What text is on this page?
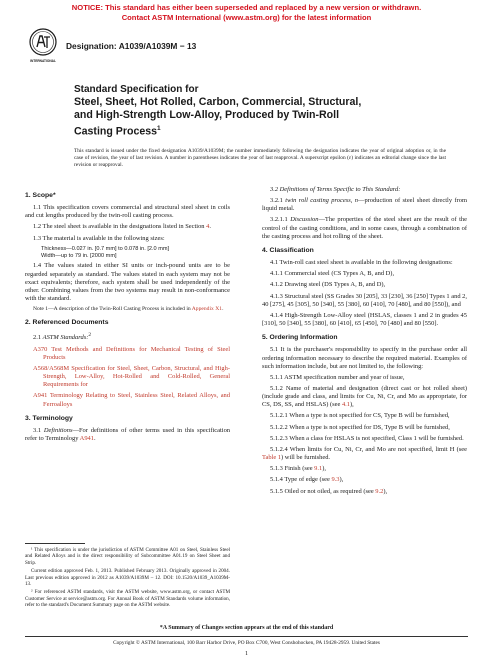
NOTICE: This standard has either been superseded and replaced by a new version or withdrawn.
Contact ASTM International (www.astm.org) for the latest information
INTERNATIONAL
Designation: A1039/A1039M − 13
Standard Specification for
Steel, Sheet, Hot Rolled, Carbon, Commercial, Structural,
and High-Strength Low-Alloy, Produced by Twin-Roll
Casting Process$^1$
This standard is issued under the fixed designation A1039/A1039M; the number immediately following the designation indicates the year of original adoption or, in the case of revision, the year of last revision. A number in parentheses indicates the year of last reapproval. A superscript epsilon (ε) indicates an editorial change since the last revision or reapproval.
1. Scope*

1.1 This specification covers commercial and structural steel sheet in coils and cut lengths produced by the twin-roll casting process.

1.2 The steel sheet is available in the designations listed in Section 4.

1.3 The material is available in the following sizes:

Thickness—0.027 in. [0.7 mm] to 0.078 in. [2.0 mm]
Width—up to 79 in. [2000 mm]

1.4 The values stated in either SI units or inch-pound units are to be regarded separately as standard. The values stated in each system may not be exact equivalents; therefore, each system shall be used independently of the other. Combining values from the two systems may result in non-conformance with the standard.

Note 1—A description of the Twin-Roll Casting Process is included in Appendix X1.

2. Referenced Documents

2.1 ASTM Standards:$^2$

A370 Test Methods and Definitions for Mechanical Testing of Steel Products

A568/A568M Specification for Steel, Sheet, Carbon, Structural, and High-Strength, Low-Alloy, Hot-Rolled and Cold-Rolled, General Requirements for

A941 Terminology Relating to Steel, Stainless Steel, Related Alloys, and Ferroalloys

3. Terminology

3.1 Definitions—For definitions of other terms used in this specification refer to Terminology A941.

¹ This specification is under the jurisdiction of ASTM Committee A01 on Steel, Stainless Steel and Related Alloys and is the direct responsibility of Subcommittee A01.19 on Steel Sheet and Strip.

Current edition approved Feb. 1, 2013. Published February 2013. Originally approved in 2004. Last previous edition approved in 2012 as A1039/A1039M – 12. DOI: 10.1520/A1039_A1039M-13.

² For referenced ASTM standards, visit the ASTM website, www.astm.org, or contact ASTM Customer Service at service@astm.org. For Annual Book of ASTM Standards volume information, refer to the standard's Document Summary page on the ASTM website.

3.2 Definitions of Terms Specific to This Standard:

3.2.1 twin roll casting process, n—production of steel sheet directly from liquid metal.

3.2.1.1 Discussion—The properties of the steel sheet are the result of the control of the casting conditions, and in some cases, through a combination of the casting process and hot rolling of the sheet.

4. Classification

4.1 Twin-roll cast steel sheet is available in the following designations:

4.1.1 Commercial steel (CS Types A, B, and D),

4.1.2 Drawing steel (DS Types A, B, and D),

4.1.3 Structural steel (SS Grades 30 [205], 33 [230], 36 [250] Types 1 and 2, 40 [275], 45 [305], 50 [340], 55 [380], 60 [410], 70 [480], and 80 [550]), and

4.1.4 High-Strength Low-Alloy steel (HSLAS, classes 1 and 2 in grades 45 [310], 50 [340], 55 [380], 60 [410], 65 [450], 70 [480] and 80 [550].

5. Ordering Information

5.1 It is the purchaser's responsibility to specify in the purchase order all ordering information necessary to describe the required material. Examples of such information include, but are not limited to, the following:

5.1.1 ASTM specification number and year of issue,

5.1.2 Name of material and designation (direct cast or hot rolled sheet) (include grade and class, and limits for Cu, Ni, Cr, and Mo as appropriate, for CS, DS, SS, and HSLAS) (see 4.1),

5.1.2.1 When a type is not specified for CS, Type B will be furnished,

5.1.2.2 When a type is not specified for DS, Type B will be furnished,

5.1.2.3 When a class for HSLAS is not specified, Class 1 will be furnished.

5.1.2.4 When limits for Cu, Ni, Cr, and Mo are not specified, limit H (see Table 1) will be furnished.

5.1.3 Finish (see 9.1),

5.1.4 Type of edge (see 9.3),

5.1.5 Oiled or not oiled, as required (see 9.2),

*A Summary of Changes section appears at the end of this standard
Copyright © ASTM International, 100 Barr Harbor Drive, PO Box C700, West Conshohocken, PA 19428-2959. United States
1
